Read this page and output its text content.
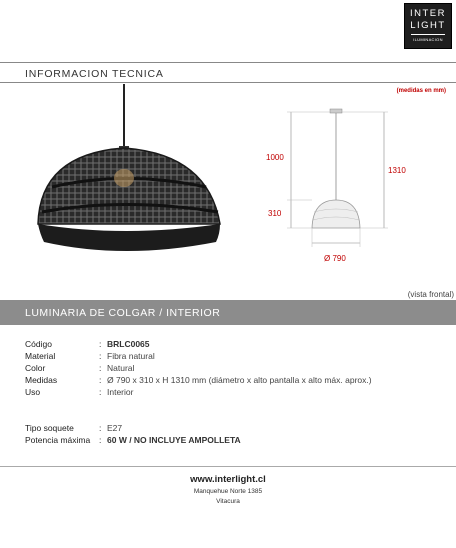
INTER
LIGHT
ILUMINACION
INFORMACION TECNICA
(medidas en mm)
1000
310
1310
Ø 790
(vista frontal)
LUMINARIA DE COLGAR / INTERIOR
Código	: BRLC0065
Material	: Fibra natural
Color	: Natural
Medidas	: Ø 790 x 310 x H 1310 mm (diámetro x alto pantalla x alto máx. aprox.)
Uso	: Interior
Tipo soquete	: E27
Potencia máxima	: 60 W / NO INCLUYE AMPOLLETA
www.interlight.cl
Manquehue Norte 1385
Vitacura
